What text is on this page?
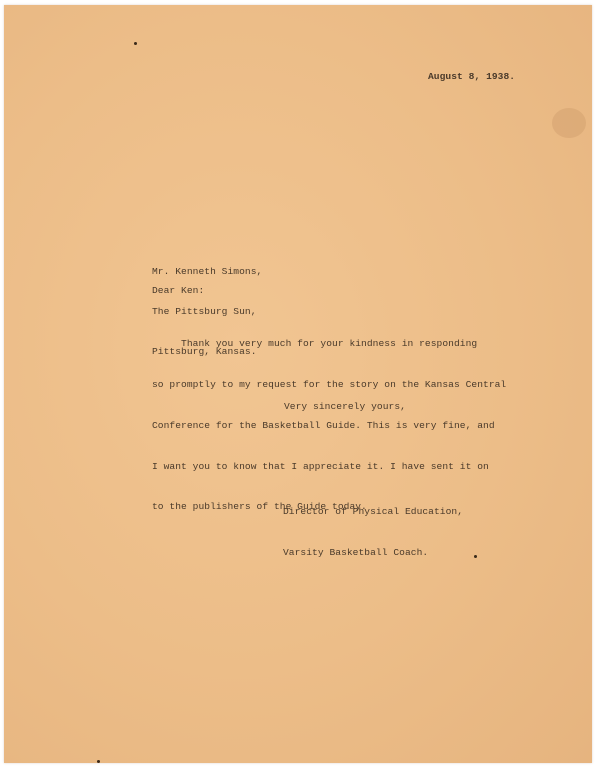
August 8, 1938.

Mr. Kenneth Simons,

The Pittsburg Sun,

Pittsburg, Kansas.

Dear Ken:

Thank you very much for your kindness in responding

so promptly to my request for the story on the Kansas Central

Conference for the Basketball Guide. This is very fine, and

I want you to know that I appreciate it. I have sent it on

to the publishers of the Guide today.

Very sincerely yours,

Director of Physical Education,

Varsity Basketball Coach.
